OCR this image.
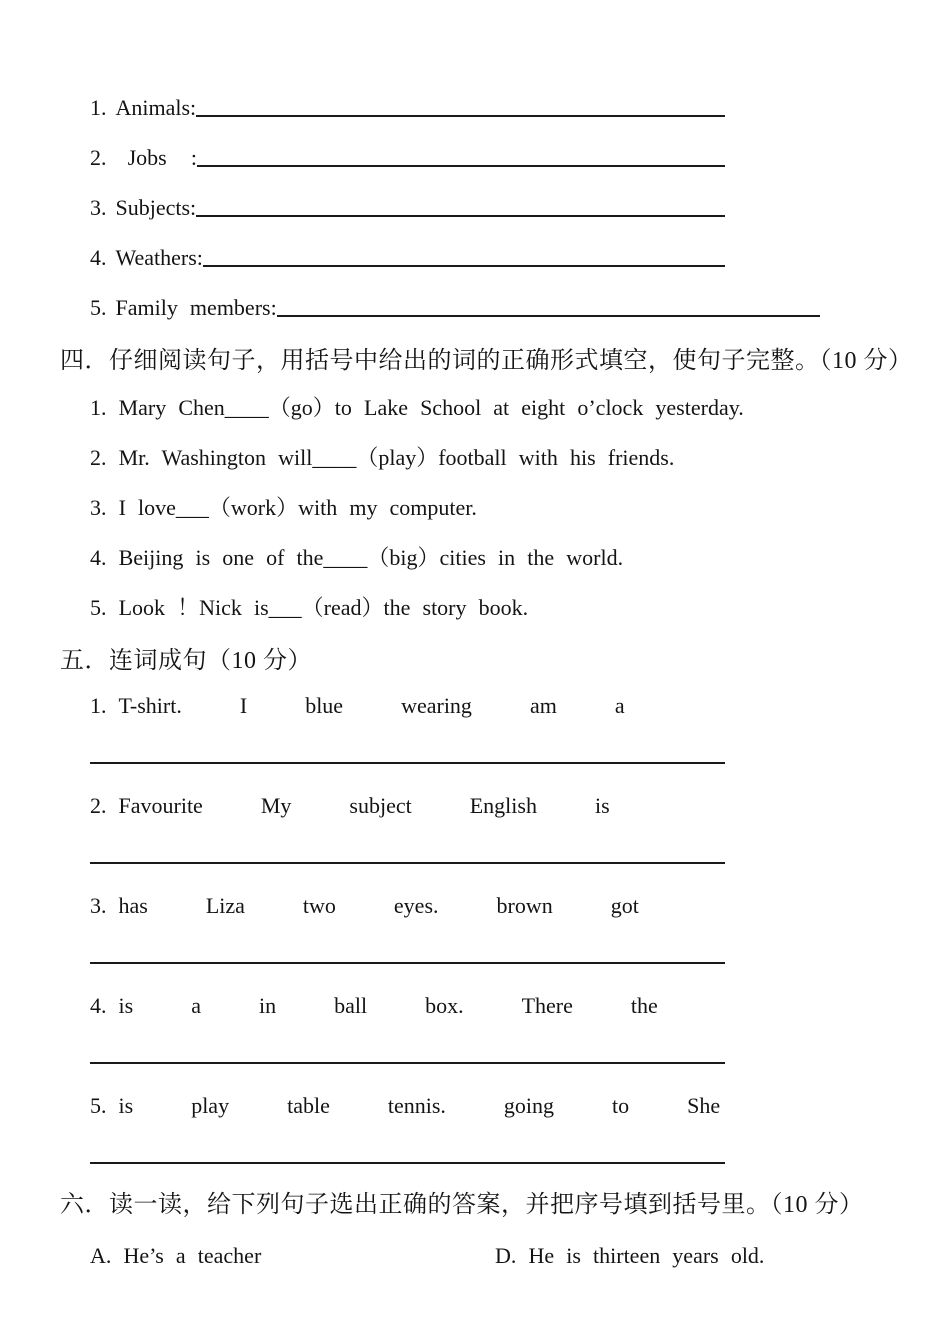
1. Animals:
2. Jobs  :
3. Subjects:
4. Weathers:
5. Family members:
四．仔细阅读句子，用括号中给出的词的正确形式填空，使句子完整。（10 分）
1. Mary Chen____（go）to Lake School at eight o’clock yesterday.
2. Mr. Washington will____（play）football with his friends.
3. I love___（work）with my computer.
4. Beijing is one of the____（big）cities in the world.
5. Look ！Nick is___（read）the story book.
五．连词成句（10 分）
1. T-shirt.	I	blue	wearing	am	a
2. Favourite	My	subject	English	is
3. has	Liza	two	eyes.	brown	got
4. is	a	in	ball	box.	There	the
5. is	play	table	tennis.	going	to	She
六．读一读，给下列句子选出正确的答案，并把序号填到括号里。（10 分）
A. He’s a teacher	D. He is thirteen years old.
